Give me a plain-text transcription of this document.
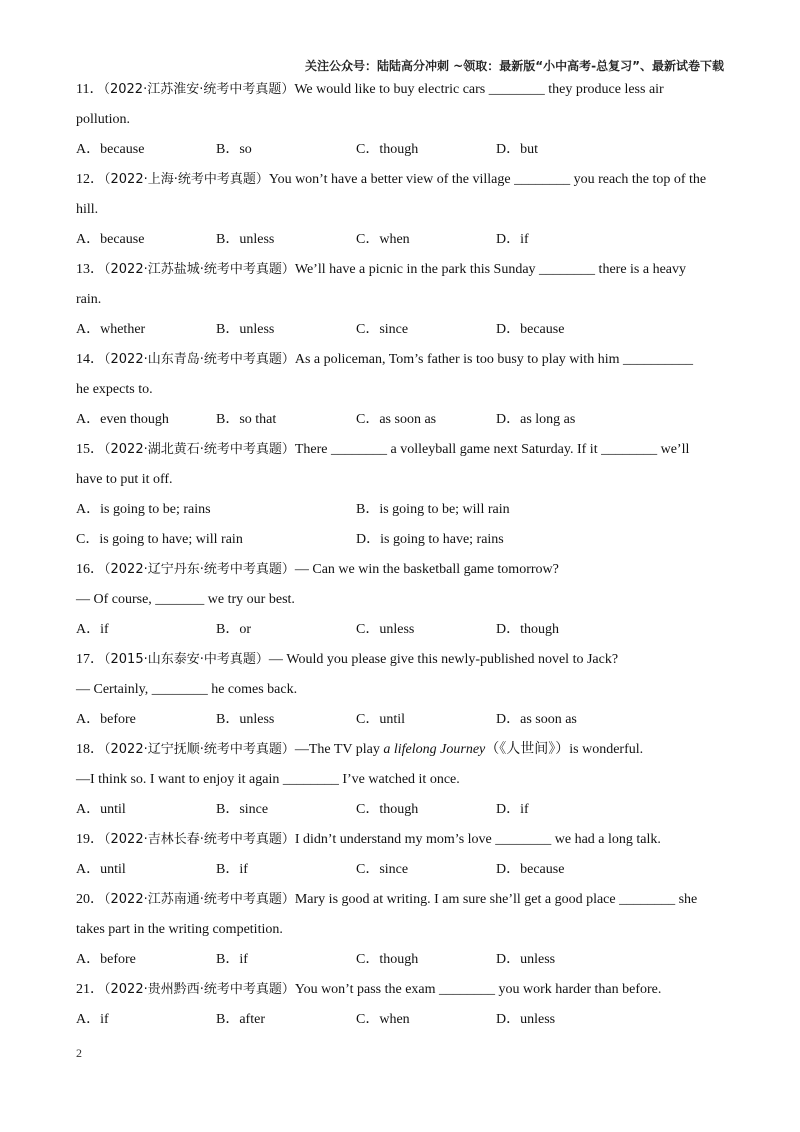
关注公众号：陆陆高分冲刺 ~领取：最新版“小中高考-总复习”、最新试卷下载
11．（2022·江苏淮安·统考中考真题）We would like to buy electric cars ________ they produce less air
pollution.
A．because	B．so	C．though	D．but
12．（2022·上海·统考中考真题）You won’t have a better view of the village ________ you reach the top of the
hill.
A．because	B．unless	C．when	D．if
13．（2022·江苏盐城·统考中考真题）We’ll have a picnic in the park this Sunday ________ there is a heavy
rain.
A．whether	B．unless	C．since	D．because
14．（2022·山东青岛·统考中考真题）As a policeman, Tom’s father is too busy to play with him __________
he expects to.
A．even though	B．so that	C．as soon as	D．as long as
15．（2022·湖北黄石·统考中考真题）There ________ a volleyball game next Saturday. If it ________ we’ll
have to put it off.
A．is going to be; rains	B．is going to be; will rain
C．is going to have; will rain	D．is going to have; rains
16．（2022·辽宁丹东·统考中考真题）— Can we win the basketball game tomorrow?
— Of course, _______ we try our best.
A．if	B．or	C．unless	D．though
17．（2015·山东泰安·中考真题）— Would you please give this newly-published novel to Jack?
— Certainly, ________ he comes back.
A．before	B．unless	C．until	D．as soon as
18．（2022·辽宁抚顺·统考中考真题）—The TV play a lifelong Journey（《人世间》）is wonderful.
—I think so. I want to enjoy it again ________ I’ve watched it once.
A．until	B．since	C．though	D．if
19．（2022·吉林长春·统考中考真题）I didn’t understand my mom’s love ________ we had a long talk.
A．until	B．if	C．since	D．because
20．（2022·江苏南通·统考中考真题）Mary is good at writing. I am sure she’ll get a good place ________ she
takes part in the writing competition.
A．before	B．if	C．though	D．unless
21．（2022·贵州黔西·统考中考真题）You won’t pass the exam ________ you work harder than before.
A．if	B．after	C．when	D．unless
2
